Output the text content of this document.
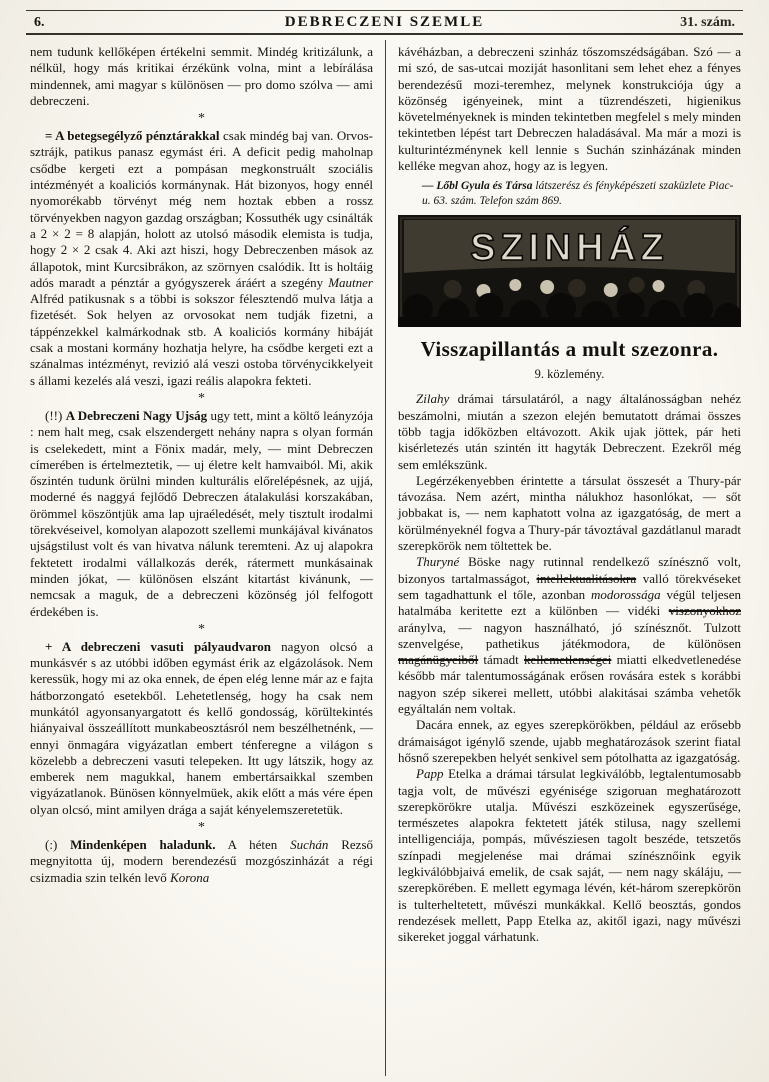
6.	DEBRECZENI SZEMLE	31. szám.

nem tudunk kellőképen értékelni semmit. Mindég kritizálunk, a nélkül, hogy más kritikai érzékünk volna, mint a lebírálása mindennek, ami magyar s különösen — pro domo szólva — ami debreczeni.

*

= A betegsegélyző pénztárakkal csak mindég baj van. Orvos-sztrájk, patikus panasz egymást éri. A deficit pedig maholnap csődbe kergeti ezt a pompásan megkonstruált szociális intézményét a koaliciós kormánynak. Hát bizonyos, hogy ennél nyomorékabb törvényt még nem hoztak ebben a rossz törvényekben nagyon gazdag országban; Kossuthék ugy csinálták a 2 × 2 = 8 alapján, holott az utolsó második elemista is tudja, hogy 2 × 2 csak 4. Aki azt hiszi, hogy Debreczenben mások az állapotok, mint Kurcsibrákon, az szörnyen csalódik. Itt is holtáig adós maradt a pénztár a gyógyszerek áráért a szegény Mautner Alfréd patikusnak s a többi is sokszor félesztendő mulva látja a fizetését. Sok helyen az orvosokat nem tudják fizetni, a táppénzekkel kalmárkodnak stb. A koaliciós kormány hibáját csak a mostani kormány hozhatja helyre, ha csődbe kergeti ezt a szánalmas intézményt, revizió alá veszi ostoba törvénycikkelyeit s állami kezelés alá veszi, igazi reális alapokra fekteti.

*

(!!) A Debreczeni Nagy Ujság ugy tett, mint a költő leányzója : nem halt meg, csak elszendergett nehány napra s olyan formán is cselekedett, mint a Fönix madár, mely, — mint Debreczen címerében is értelmeztetik, — uj életre kelt hamvaiból. Mi, akik őszintén tudunk örülni minden kulturális előrelépésnek, az ujjá, moderné és naggyá fejlődő Debreczen átalakulási korszakában, örömmel köszöntjük ama lap ujraéledését, mely tisztult irodalmi törekvéseivel, komolyan alapozott szellemi munkájával kivánatos ujságstilust volt és van hivatva nálunk teremteni. Az uj alapokra fektetett irodalmi vállalkozás derék, rátermett munkásainak minden jókat, — különösen elszánt kitartást kivánunk, — nemcsak a maguk, de a debreczeni közönség jól felfogott érdekében is.

*

+ A debreczeni vasuti pályaudvaron nagyon olcsó a munkásvér s az utóbbi időben egymást érik az elgázolások. Nem keressük, hogy mi az oka ennek, de épen elég lenne már az e fajta hátborzongató esetekből. Lehetetlenség, hogy ha csak nem munkától agyonsanyargatott és kellő gondosság, körültekintés hiányaival összeállított munkabeosztásról nem beszélhetnénk, — ennyi önmagára vigyázatlan embert ténferegne a világon s közelebb a debreczeni vasuti telepeken. Itt ugy látszik, hogy az emberek nem magukkal, hanem embertársaikkal szemben vigyázatlanok. Bünösen könnyelmüek, akik előtt a más vére épen olyan olcsó, mint amilyen drága a saját kényelemszeretetük.

*

(:) Mindenképen haladunk. A héten Suchán Rezső megnyitotta új, modern berendezésű mozgószinházát a régi csizmadia szin telkén levő Korona

kávéházban, a debreczeni szinház tőszomszédságában. Szó — a mi szó, de sas-utcai moziját hasonlitani sem lehet ehez a fényes berendezésű mozi-teremhez, melynek konstrukciója úgy a közönség igényeinek, mint a tüzrendészeti, higienikus követelményeknek is minden tekintetben megfelel s mely minden tekintetben lépést tart Debreczen haladásával. Ma már a mozi is kulturintézménynek kell lennie s Suchán szinházának minden kelléke megvan ahoz, hogy az is legyen.

— Lőbl Gyula és Társa látszerész és fényképészeti szaküzlete Piac-u. 63. szám. Telefon szám 869.

SZINHÁZ
Visszapillantás a mult szezonra.
9. közlemény.

Zilahy drámai társulatáról, a nagy általánosságban nehéz beszámolni, miután a szezon elején bemutatott drámai összes több tagja időközben eltávozott. Akik ujak jöttek, pár heti kisérletezés után szintén itt hagyták Debreczent. Ezekről még sem emlékszünk.

Legérzékenyebben érintette a társulat összesét a Thury-pár távozása. Nem azért, mintha nálukhoz hasonlókat, — sőt jobbakat is, — nem kaphatott volna az igazgatóság, de mert a körülményeknél fogva a Thury-pár távoztával gazdátlanul maradt szerepkörök nem töltettek be.

Thuryné Böske nagy rutinnal rendelkező színésznő volt, bizonyos tartalmasságot, intellektualitásokra valló törekvéseket sem tagadhattunk el tőle, azonban modorossága végül teljesen hatalmába keritette ezt a különben — vidéki viszonyokhoz aránylva, — nagyon használható, jó színésznőt. Tulzott szenvelgése, pathetikus játékmodora, de különösen magánügyeiből támadt kellemetlenségei miatti elkedvetlenedése később már talentumosságának erősen rovására estek s korábbi nagyon szép sikerei mellett, utóbbi alakitásai számba vehetők egyáltalán nem voltak.

Dacára ennek, az egyes szerepkörökben, például az erősebb drámaiságot igénylő szende, ujabb meghatározások szerint fiatal hősnő szerepekben helyét senkivel sem pótolhatta az igazgatóság.

Papp Etelka a drámai társulat legkiválóbb, legtalentumosabb tagja volt, de művészi egyénisége szigoruan meghatározott szerepkörökre utalja. Művészi eszközeinek egyszerűsége, természetes alapokra fektetett játék stilusa, nagy szellemi intelligenciája, pompás, művésziesen tagolt beszéde, tetszetős színpadi megjelenése mai drámai színésznőink egyik legkiválóbbjaivá emelik, de csak saját, — nem nagy skáláju, — szerepkörében. E mellett egymaga lévén, két-három szerepkörön is tulterheltetett, művészi munkákkal. Kellő beosztás, gondos rendezések mellett, Papp Etelka az, akitől igazi, nagy művészi sikereket joggal várhatunk.
